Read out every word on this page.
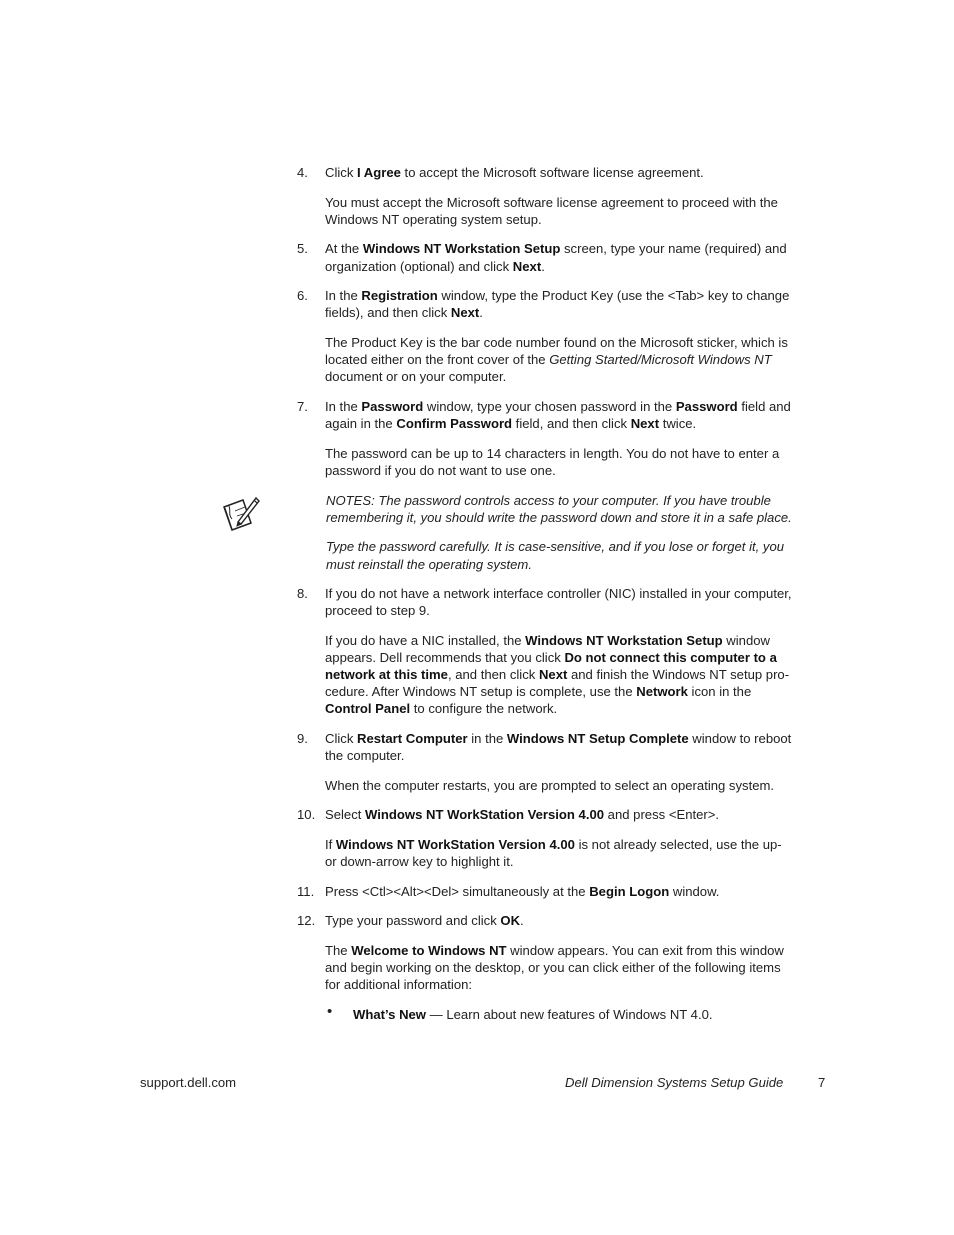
4. Click I Agree to accept the Microsoft software license agreement.
You must accept the Microsoft software license agreement to proceed with the
Windows NT operating system setup.
5. At the Windows NT Workstation Setup screen, type your name (required) and
organization (optional) and click Next.
6. In the Registration window, type the Product Key (use the <Tab> key to change
fields), and then click Next.
The Product Key is the bar code number found on the Microsoft sticker, which is
located either on the front cover of the Getting Started/Microsoft Windows NT
document or on your computer.
7. In the Password window, type your chosen password in the Password field and
again in the Confirm Password field, and then click Next twice.
The password can be up to 14 characters in length. You do not have to enter a
password if you do not want to use one.
NOTES: The password controls access to your computer. If you have trouble
remembering it, you should write the password down and store it in a safe place.
Type the password carefully. It is case-sensitive, and if you lose or forget it, you
must reinstall the operating system.
8. If you do not have a network interface controller (NIC) installed in your computer,
proceed to step 9.
If you do have a NIC installed, the Windows NT Workstation Setup window
appears. Dell recommends that you click Do not connect this computer to a
network at this time, and then click Next and finish the Windows NT setup pro-
cedure. After Windows NT setup is complete, use the Network icon in the
Control Panel to configure the network.
9. Click Restart Computer in the Windows NT Setup Complete window to reboot
the computer.
When the computer restarts, you are prompted to select an operating system.
10. Select Windows NT WorkStation Version 4.00 and press <Enter>.
If Windows NT WorkStation Version 4.00 is not already selected, use the up-
or down-arrow key to highlight it.
11. Press <Ctl><Alt><Del> simultaneously at the Begin Logon window.
12. Type your password and click OK.
The Welcome to Windows NT window appears. You can exit from this window
and begin working on the desktop, or you can click either of the following items
for additional information:
• What’s New — Learn about new features of Windows NT 4.0.
support.dell.com	Dell Dimension Systems Setup Guide	7
